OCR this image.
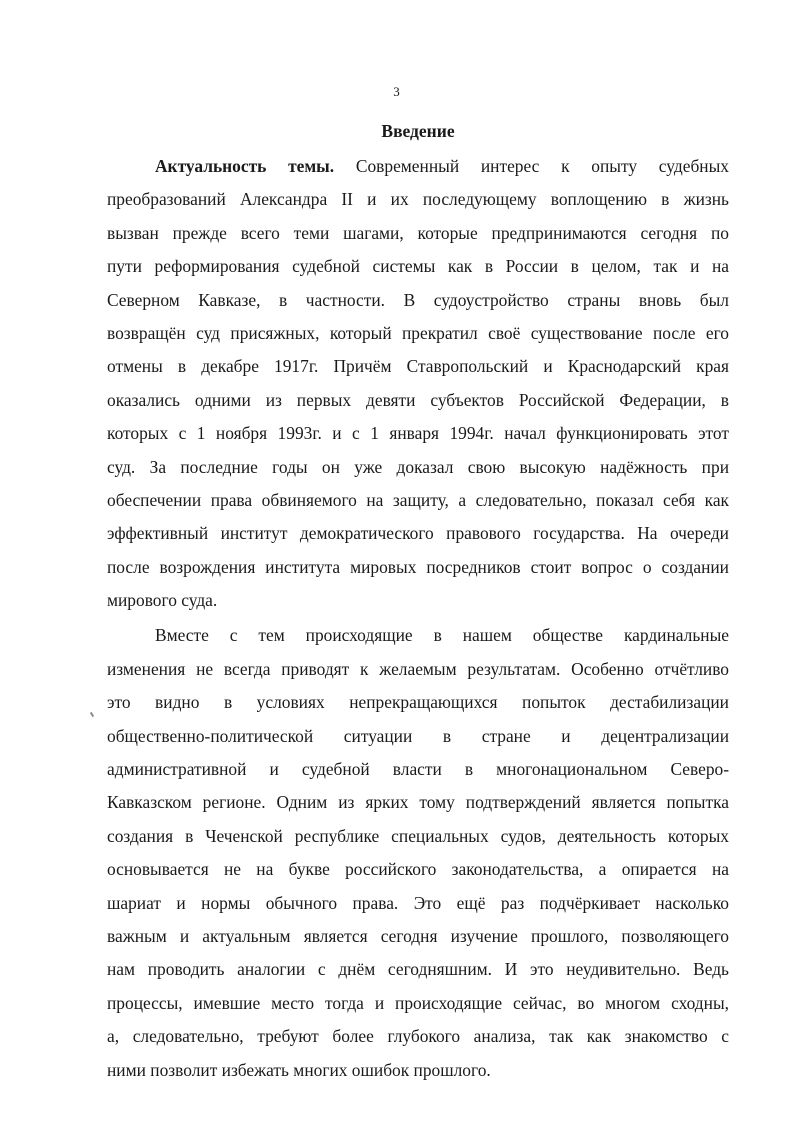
3
Введение
Актуальность темы. Современный интерес к опыту судебных
преобразований Александра II и их последующему воплощению в жизнь
вызван прежде всего теми шагами, которые предпринимаются сегодня по
пути реформирования судебной системы как в России в целом, так и на
Северном Кавказе, в частности. В судоустройство страны вновь был
возвращён суд присяжных, который прекратил своё существование после его
отмены в декабре 1917г. Причём Ставропольский и Краснодарский края
оказались одними из первых девяти субъектов Российской Федерации, в
которых с 1 ноября 1993г. и с 1 января 1994г. начал функционировать этот
суд. За последние годы он уже доказал свою высокую надёжность при
обеспечении права обвиняемого на защиту, а следовательно, показал себя как
эффективный институт демократического правового государства. На очереди
после возрождения института мировых посредников стоит вопрос о создании
мирового суда.
Вместе с тем происходящие в нашем обществе кардинальные
изменения не всегда приводят к желаемым результатам. Особенно отчётливо
это видно в условиях непрекращающихся попыток дестабилизации
общественно-политической ситуации в стране и децентрализации
административной и судебной власти в многонациональном Северо-
Кавказском регионе. Одним из ярких тому подтверждений является попытка
создания в Чеченской республике специальных судов, деятельность которых
основывается не на букве российского законодательства, а опирается на
шариат и нормы обычного права. Это ещё раз подчёркивает насколько
важным и актуальным является сегодня изучение прошлого, позволяющего
нам проводить аналогии с днём сегодняшним. И это неудивительно. Ведь
процессы, имевшие место тогда и происходящие сейчас, во многом сходны,
а, следовательно, требуют более глубокого анализа, так как знакомство с
ними позволит избежать многих ошибок прошлого.
